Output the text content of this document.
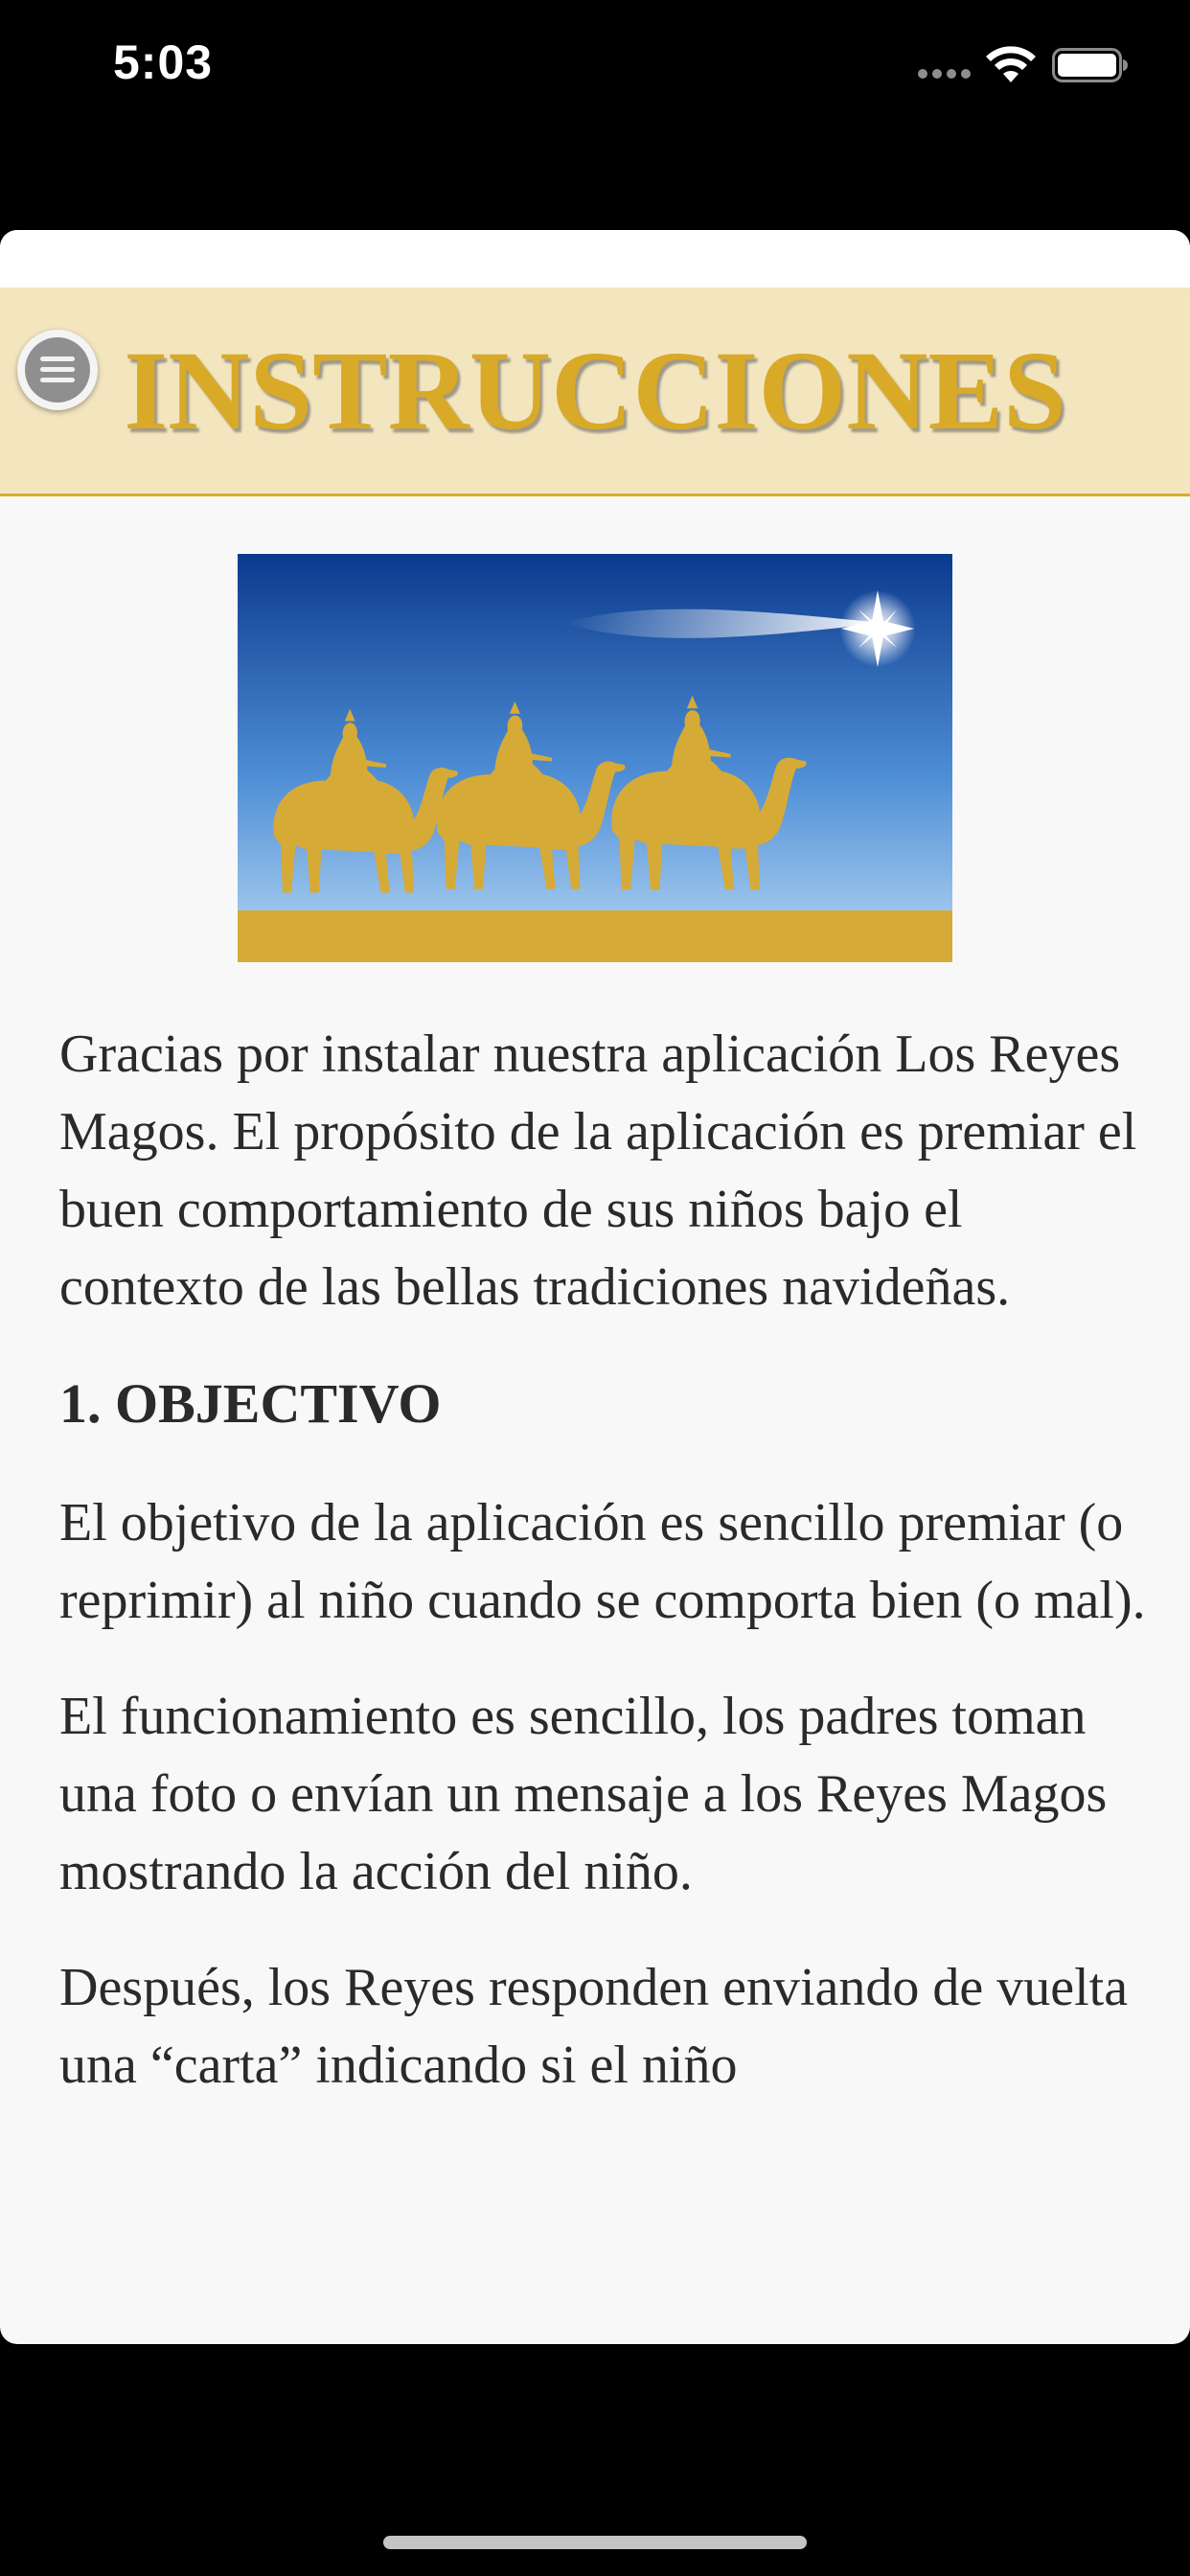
5:03
INSTRUCCIONES

Gracias por instalar nuestra aplicación Los Reyes Magos. El propósito de la aplicación es premiar el buen comportamiento de sus niños bajo el contexto de las bellas tradiciones navideñas.

1. OBJECTIVO

El objetivo de la aplicación es sencillo premiar (o reprimir) al niño cuando se comporta bien (o mal).

El funcionamiento es sencillo, los padres toman una foto o envían un mensaje a los Reyes Magos mostrando la acción del niño.

Después, los Reyes responden enviando de vuelta una “carta” indicando si el niño
